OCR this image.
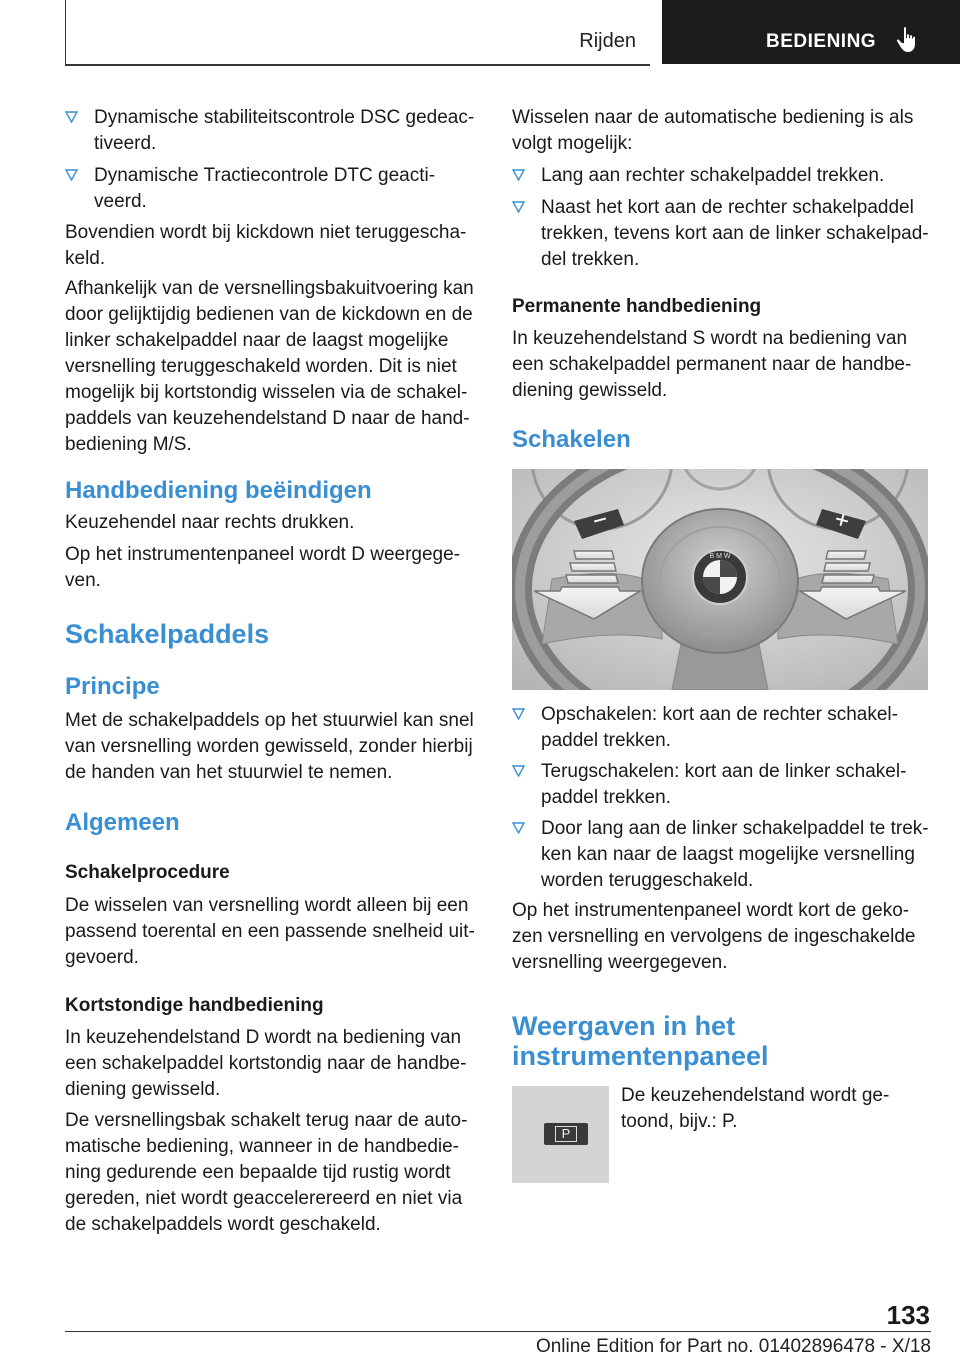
Rijden	BEDIENING
Dynamische stabiliteitscontrole DSC gedeac‐
tiveerd.
Dynamische Tractiecontrole DTC geacti‐
veerd.

Bovendien wordt bij kickdown niet teruggescha‐

keld.

Afhankelijk van de versnellingsbakuitvoering kan

door gelijktijdig bedienen van de kickdown en de

linker schakelpaddel naar de laagst mogelijke

versnelling teruggeschakeld worden. Dit is niet

mogelijk bij kortstondig wisselen via de schakel‐

paddels van keuzehendelstand D naar de hand‐

bediening M/S.

Handbediening beëindigen

Keuzehendel naar rechts drukken.

Op het instrumentenpaneel wordt D weergege‐

ven.

Schakelpaddels
Principe

Met de schakelpaddels op het stuurwiel kan snel

van versnelling worden gewisseld, zonder hierbij

de handen van het stuurwiel te nemen.

Algemeen
Schakelprocedure

De wisselen van versnelling wordt alleen bij een

passend toerental en een passende snelheid uit‐

gevoerd.

Kortstondige handbediening

In keuzehendelstand D wordt na bediening van

een schakelpaddel kortstondig naar de handbe‐

diening gewisseld.

De versnellingsbak schakelt terug naar de auto‐

matische bediening, wanneer in de handbedie‐

ning gedurende een bepaalde tijd rustig wordt

gereden, niet wordt geaccelerereerd en niet via

de schakelpaddels wordt geschakeld.

Wisselen naar de automatische bediening is als

volgt mogelijk:

Lang aan rechter schakelpaddel trekken.
Naast het kort aan de rechter schakelpaddel
trekken, tevens kort aan de linker schakelpad‐
del trekken.
Permanente handbediening

In keuzehendelstand S wordt na bediening van

een schakelpaddel permanent naar de handbe‐

diening gewisseld.

Schakelen
B M W
Opschakelen: kort aan de rechter schakel‐
paddel trekken.
Terugschakelen: kort aan de linker schakel‐
paddel trekken.
Door lang aan de linker schakelpaddel te trek‐
ken kan naar de laagst mogelijke versnelling
worden teruggeschakeld.

Op het instrumentenpaneel wordt kort de geko‐

zen versnelling en vervolgens de ingeschakelde

versnelling weergegeven.

Weergaven in het
instrumentenpaneel
P

De keuzehendelstand wordt ge‐

toond, bijv.: P.

133
Online Edition for Part no. 01402896478 - X/18
